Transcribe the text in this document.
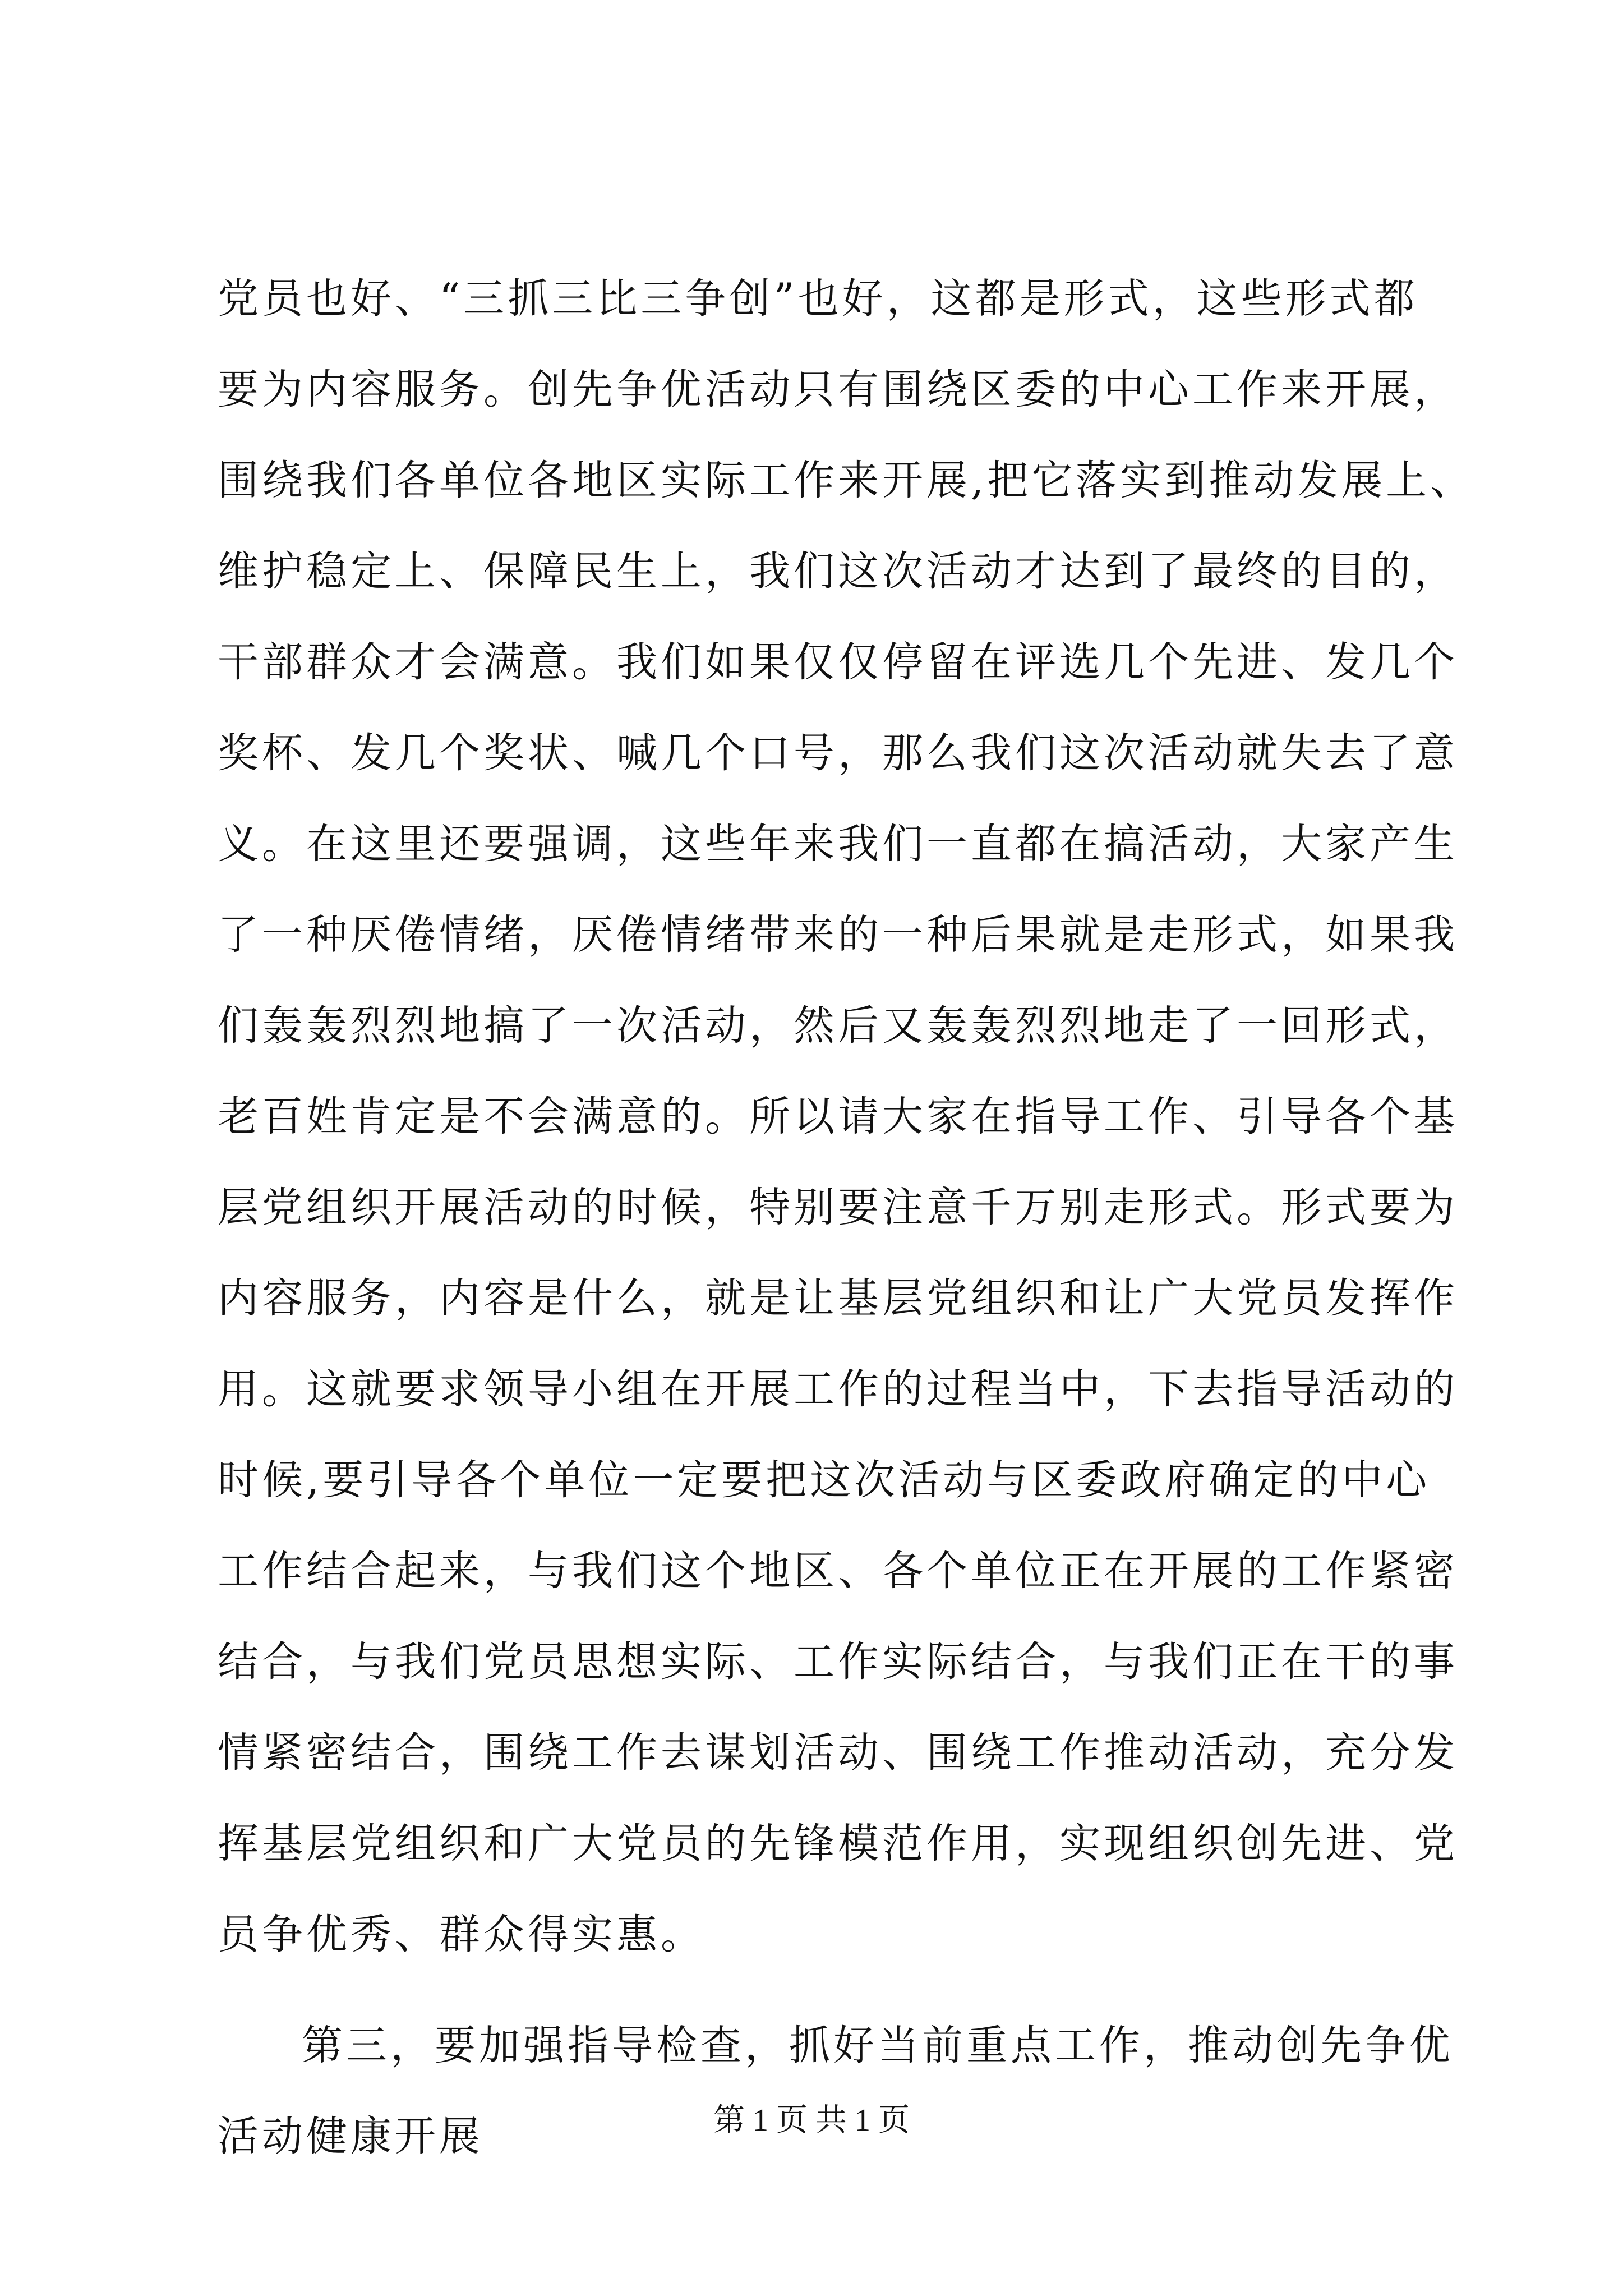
党员也好、“三抓三比三争创”也好，这都是形式，这些形式都
要为内容服务。创先争优活动只有围绕区委的中心工作来开展，
围绕我们各单位各地区实际工作来开展,把它落实到推动发展上、
维护稳定上、保障民生上，我们这次活动才达到了最终的目的，
干部群众才会满意。我们如果仅仅停留在评选几个先进、发几个
奖杯、发几个奖状、喊几个口号，那么我们这次活动就失去了意
义。在这里还要强调，这些年来我们一直都在搞活动，大家产生
了一种厌倦情绪，厌倦情绪带来的一种后果就是走形式，如果我
们轰轰烈烈地搞了一次活动，然后又轰轰烈烈地走了一回形式，
老百姓肯定是不会满意的。所以请大家在指导工作、引导各个基
层党组织开展活动的时候，特别要注意千万别走形式。形式要为
内容服务，内容是什么，就是让基层党组织和让广大党员发挥作
用。这就要求领导小组在开展工作的过程当中，下去指导活动的
时候,要引导各个单位一定要把这次活动与区委政府确定的中心
工作结合起来，与我们这个地区、各个单位正在开展的工作紧密
结合，与我们党员思想实际、工作实际结合，与我们正在干的事
情紧密结合，围绕工作去谋划活动、围绕工作推动活动，充分发
挥基层党组织和广大党员的先锋模范作用，实现组织创先进、党
员争优秀、群众得实惠。
第三，要加强指导检查，抓好当前重点工作，推动创先争优
活动健康开展	第 1 页 共 1 页
